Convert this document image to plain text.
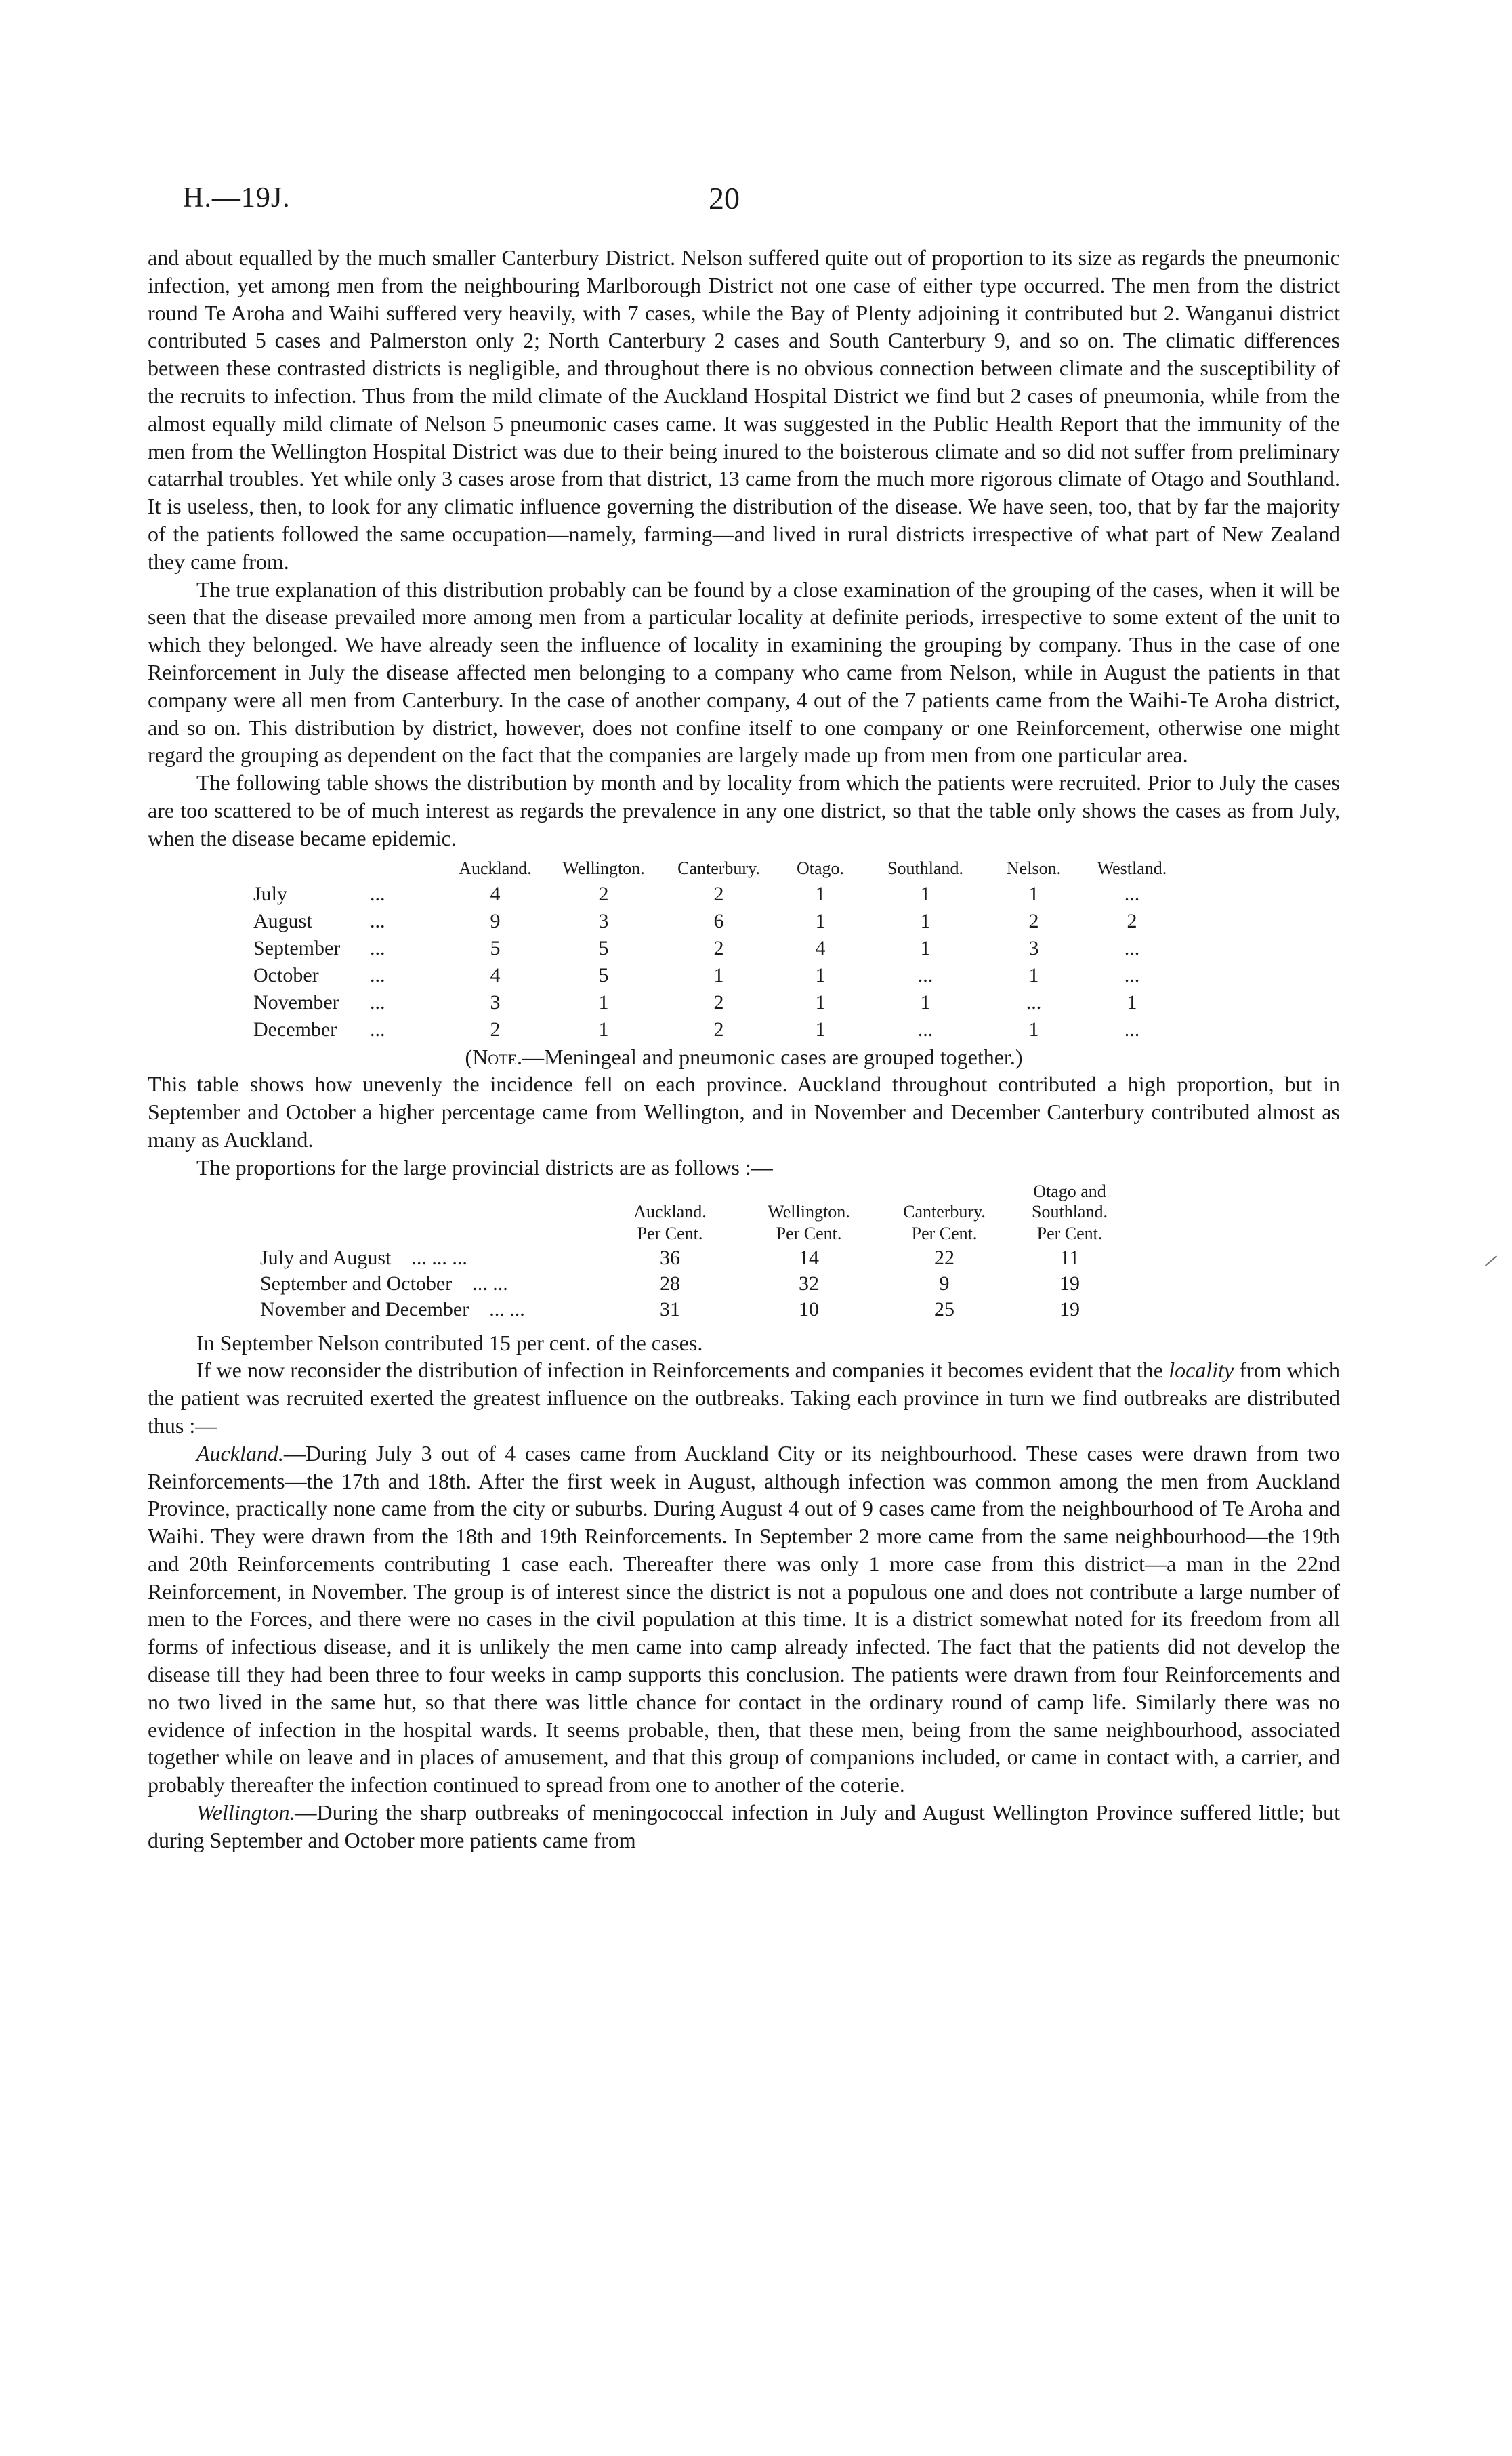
H.—19J.	20

and about equalled by the much smaller Canterbury District. Nelson suffered quite out of proportion to its size as regards the pneumonic infection, yet among men from the neighbouring Marlborough District not one case of either type occurred. The men from the district round Te Aroha and Waihi suffered very heavily, with 7 cases, while the Bay of Plenty adjoining it contributed but 2. Wanganui district contributed 5 cases and Palmerston only 2; North Canterbury 2 cases and South Canterbury 9, and so on. The climatic differences between these contrasted districts is negligible, and throughout there is no obvious connection between climate and the susceptibility of the recruits to infection. Thus from the mild climate of the Auckland Hospital District we find but 2 cases of pneumonia, while from the almost equally mild climate of Nelson 5 pneumonic cases came. It was suggested in the Public Health Report that the immunity of the men from the Wellington Hospital District was due to their being inured to the boisterous climate and so did not suffer from preliminary catarrhal troubles. Yet while only 3 cases arose from that district, 13 came from the much more rigorous climate of Otago and Southland. It is useless, then, to look for any climatic influence governing the distribution of the disease. We have seen, too, that by far the majority of the patients followed the same occupation—namely, farming—and lived in rural districts irrespective of what part of New Zealand they came from.

The true explanation of this distribution probably can be found by a close examination of the grouping of the cases, when it will be seen that the disease prevailed more among men from a particular locality at definite periods, irrespective to some extent of the unit to which they belonged. We have already seen the influence of locality in examining the grouping by company. Thus in the case of one Reinforcement in July the disease affected men belonging to a company who came from Nelson, while in August the patients in that company were all men from Canterbury. In the case of another company, 4 out of the 7 patients came from the Waihi-Te Aroha district, and so on. This distribution by district, however, does not confine itself to one company or one Reinforcement, otherwise one might regard the grouping as dependent on the fact that the companies are largely made up from men from one particular area.

The following table shows the distribution by month and by locality from which the patients were recruited. Prior to July the cases are too scattered to be of much interest as regards the prevalence in any one district, so that the table only shows the cases as from July, when the disease became epidemic.

		Auckland.	Wellington.	Canterbury.	Otago.	Southland.	Nelson.	Westland.
July	...	4	2	2	1	1	1	...
August	...	9	3	6	1	1	2	2
September	...	5	5	2	4	1	3	...
October	...	4	5	1	1	...	1	...
November	...	3	1	2	1	1	...	1
December	...	2	1	2	1	...	1	...

(Note.—Meningeal and pneumonic cases are grouped together.)

This table shows how unevenly the incidence fell on each province. Auckland throughout contributed a high proportion, but in September and October a higher percentage came from Wellington, and in November and December Canterbury contributed almost as many as Auckland.

The proportions for the large provincial districts are as follows :—

	Auckland.	Wellington.	Canterbury.	Otago and Southland.
	Per Cent.	Per Cent.	Per Cent.	Per Cent.
July and August ... ... ...	36	14	22	11
September and October ... ...	28	32	9	19
November and December ... ...	31	10	25	19

In September Nelson contributed 15 per cent. of the cases.

If we now reconsider the distribution of infection in Reinforcements and companies it becomes evident that the locality from which the patient was recruited exerted the greatest influence on the outbreaks. Taking each province in turn we find outbreaks are distributed thus :—

Auckland.—During July 3 out of 4 cases came from Auckland City or its neighbourhood. These cases were drawn from two Reinforcements—the 17th and 18th. After the first week in August, although infection was common among the men from Auckland Province, practically none came from the city or suburbs. During August 4 out of 9 cases came from the neighbourhood of Te Aroha and Waihi. They were drawn from the 18th and 19th Reinforcements. In September 2 more came from the same neighbourhood—the 19th and 20th Reinforcements contributing 1 case each. Thereafter there was only 1 more case from this district—a man in the 22nd Reinforcement, in November. The group is of interest since the district is not a populous one and does not contribute a large number of men to the Forces, and there were no cases in the civil population at this time. It is a district somewhat noted for its freedom from all forms of infectious disease, and it is unlikely the men came into camp already infected. The fact that the patients did not develop the disease till they had been three to four weeks in camp supports this conclusion. The patients were drawn from four Reinforcements and no two lived in the same hut, so that there was little chance for contact in the ordinary round of camp life. Similarly there was no evidence of infection in the hospital wards. It seems probable, then, that these men, being from the same neighbourhood, associated together while on leave and in places of amusement, and that this group of companions included, or came in contact with, a carrier, and probably thereafter the infection continued to spread from one to another of the coterie.

Wellington.—During the sharp outbreaks of meningococcal infection in July and August Wellington Province suffered little; but during September and October more patients came from
